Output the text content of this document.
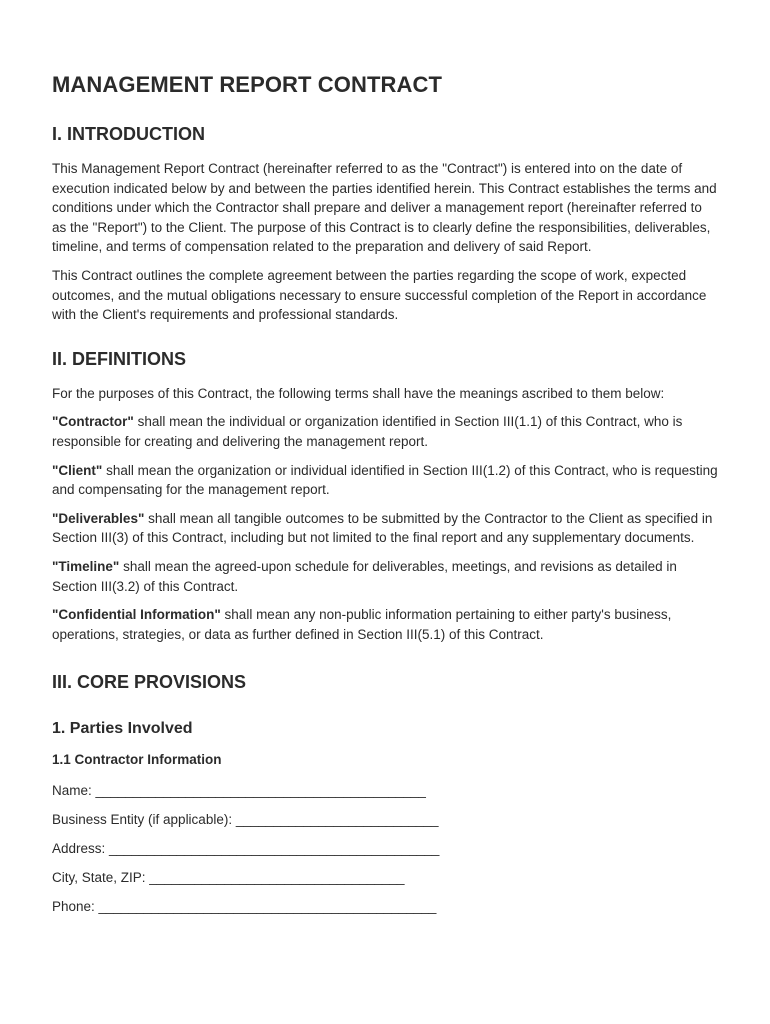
MANAGEMENT REPORT CONTRACT
I. INTRODUCTION

This Management Report Contract (hereinafter referred to as the "Contract") is entered into on the date of execution indicated below by and between the parties identified herein. This Contract establishes the terms and conditions under which the Contractor shall prepare and deliver a management report (hereinafter referred to as the "Report") to the Client. The purpose of this Contract is to clearly define the responsibilities, deliverables, timeline, and terms of compensation related to the preparation and delivery of said Report.

This Contract outlines the complete agreement between the parties regarding the scope of work, expected outcomes, and the mutual obligations necessary to ensure successful completion of the Report in accordance with the Client's requirements and professional standards.

II. DEFINITIONS

For the purposes of this Contract, the following terms shall have the meanings ascribed to them below:

"Contractor" shall mean the individual or organization identified in Section III(1.1) of this Contract, who is responsible for creating and delivering the management report.

"Client" shall mean the organization or individual identified in Section III(1.2) of this Contract, who is requesting and compensating for the management report.

"Deliverables" shall mean all tangible outcomes to be submitted by the Contractor to the Client as specified in Section III(3) of this Contract, including but not limited to the final report and any supplementary documents.

"Timeline" shall mean the agreed-upon schedule for deliverables, meetings, and revisions as detailed in Section III(3.2) of this Contract.

"Confidential Information" shall mean any non-public information pertaining to either party's business, operations, strategies, or data as further defined in Section III(5.1) of this Contract.

III. CORE PROVISIONS
1. Parties Involved
1.1 Contractor Information
Name: ____________________________________________
Business Entity (if applicable): ___________________________
Address: ____________________________________________
City, State, ZIP: __________________________________
Phone: _____________________________________________
